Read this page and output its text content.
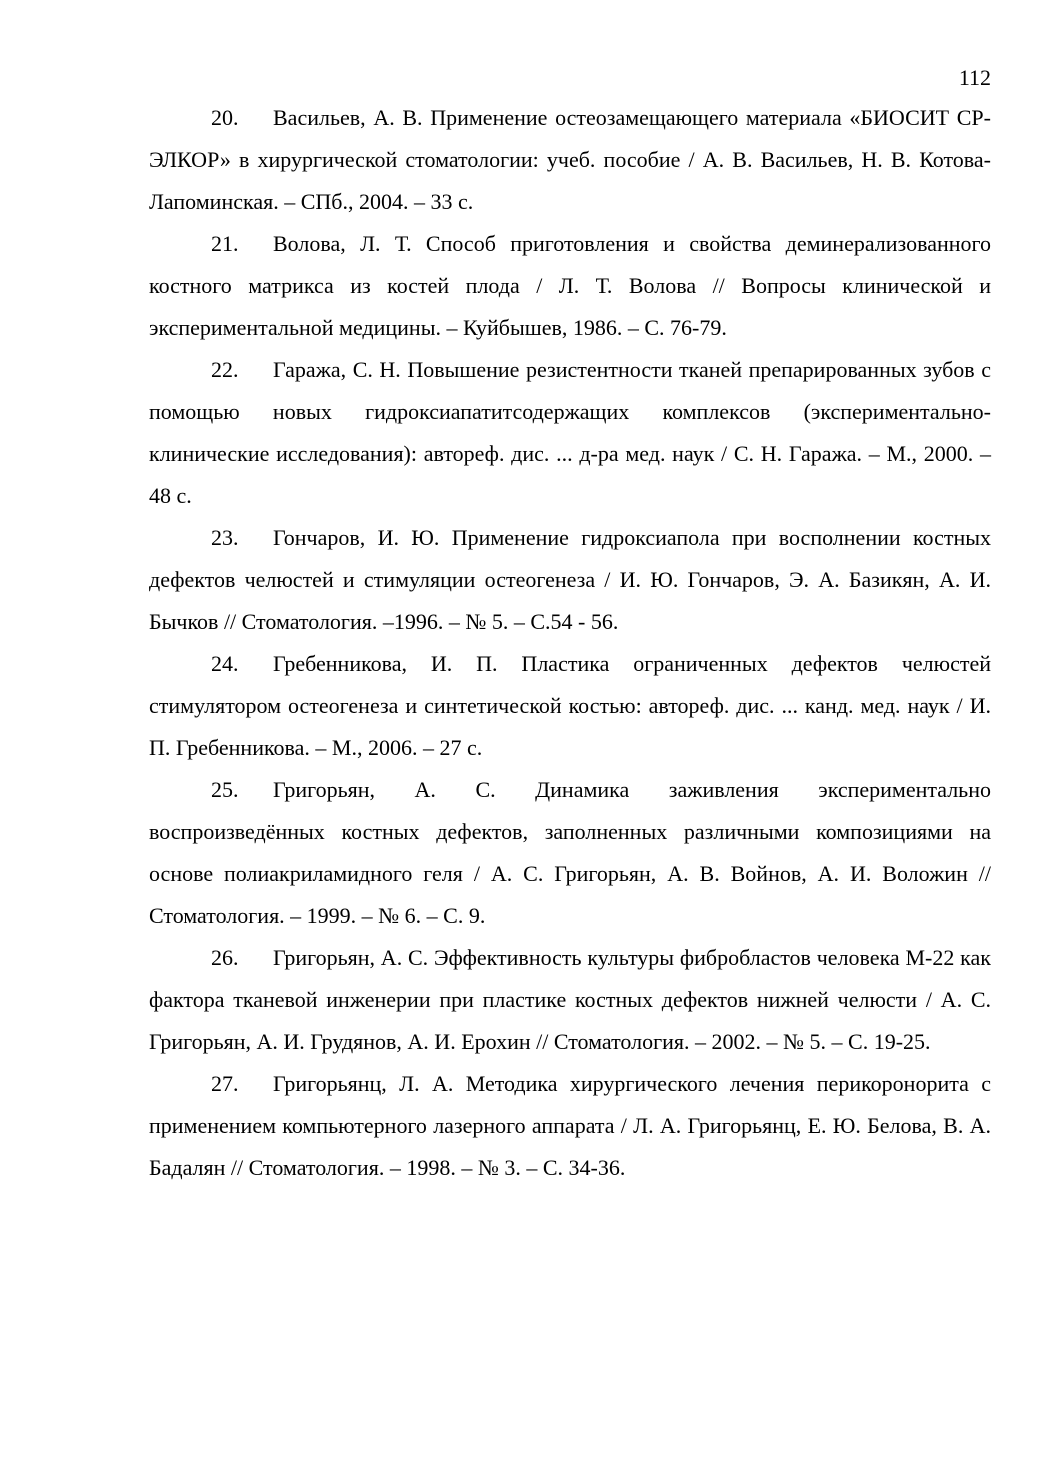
112

20. Васильев, А. В. Применение остеозамещающего материала «БИОСИТ СР-ЭЛКОР» в хирургической стоматологии: учеб. пособие / А. В. Васильев, Н. В. Котова-Лапоминская. – СПб., 2004. – 33 с.

21. Волова, Л. Т. Способ приготовления и свойства деминерализованного костного матрикса из костей плода / Л. Т. Волова // Вопросы клинической и экспериментальной медицины. – Куйбышев, 1986. – С. 76-79.

22. Гаража, С. Н. Повышение резистентности тканей препарированных зубов с помощью новых гидроксиапатитсодержащих комплексов (экспериментально-клинические исследования): автореф. дис. ... д-ра мед. наук / С. Н. Гаража. – М., 2000. – 48 с.

23. Гончаров, И. Ю. Применение гидроксиапола при восполнении костных дефектов челюстей и стимуляции остеогенеза / И. Ю. Гончаров, Э. А. Базикян, А. И. Бычков // Стоматология. –1996. – № 5. – С.54 - 56.

24. Гребенникова, И. П. Пластика ограниченных дефектов челюстей стимулятором остеогенеза и синтетической костью: автореф. дис. ... канд. мед. наук / И. П. Гребенникова. – М., 2006. – 27 с.

25. Григорьян, А. С. Динамика заживления экспериментально воспроизведённых костных дефектов, заполненных различными композициями на основе полиакриламидного геля / А. С. Григорьян, А. В. Войнов, А. И. Воложин // Стоматология. – 1999. – № 6. – С. 9.

26. Григорьян, А. С. Эффективность культуры фибробластов человека М-22 как фактора тканевой инженерии при пластике костных дефектов нижней челюсти / А. С. Григорьян, А. И. Грудянов, А. И. Ерохин // Стоматология. – 2002. – № 5. – С. 19-25.

27. Григорьянц, Л. А. Методика хирургического лечения перикоронорита с применением компьютерного лазерного аппарата / Л. А. Григорьянц, Е. Ю. Белова, В. А. Бадалян // Стоматология. – 1998. – № 3. – С. 34-36.
